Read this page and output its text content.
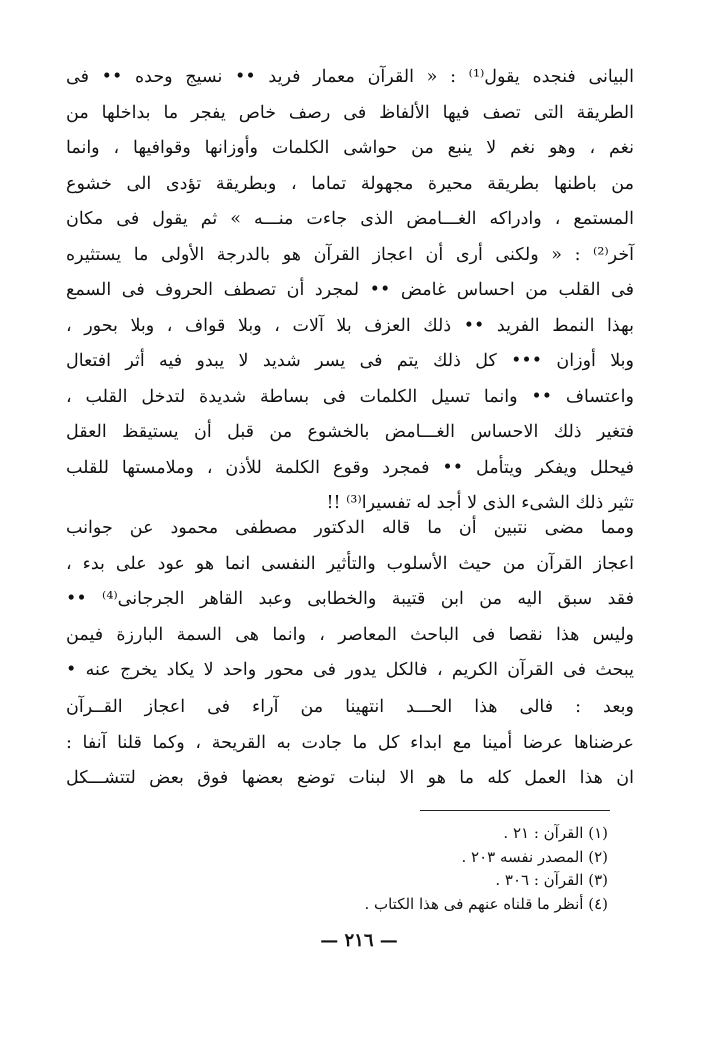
البيانى فنجده يقول⁽¹⁾ : « القرآن معمار فريد •• نسيج وحده •• فى
الطريقة التى تصف فيها الألفاظ فى رصف خاص يفجر ما بداخلها من
نغم ، وهو نغم لا ينبع من حواشى الكلمات وأوزانها وقوافيها ، وانما
من باطنها بطريقة محيرة مجهولة تماما ، وبطريقة تؤدى الى خشوع
المستمع ، وادراكه الغـــامض الذى جاءت منـــه » ثم يقول فى مكان
آخر⁽²⁾ : « ولكنى أرى أن اعجاز القرآن هو بالدرجة الأولى ما يستثيره
فى القلب من احساس غامض •• لمجرد أن تصطف الحروف فى السمع
بهذا النمط الفريد •• ذلك العزف بلا آلات ، وبلا قواف ، وبلا بحور ،
وبلا أوزان ••• كل ذلك يتم فى يسر شديد لا يبدو فيه أثر افتعال
واعتساف •• وانما تسيل الكلمات فى بساطة شديدة لتدخل القلب ،
فتغير ذلك الاحساس الغـــامض بالخشوع من قبل أن يستيقظ العقل
فيحلل ويفكر ويتأمل •• فمجرد وقوع الكلمة للأذن ، وملامستها للقلب
تثير ذلك الشىء الذى لا أجد له تفسيرا⁽³⁾ !!
ومما مضى نتبين أن ما قاله الدكتور مصطفى محمود عن جوانب
اعجاز القرآن من حيث الأسلوب والتأثير النفسى انما هو عود على بدء ،
فقد سبق اليه من ابن قتيبة والخطابى وعبد القاهر الجرجانى⁽⁴⁾ ••
وليس هذا نقصا فى الباحث المعاصر ، وانما هى السمة البارزة فيمن
يبحث فى القرآن الكريم ، فالكل يدور فى محور واحد لا يكاد يخرج عنه •
وبعد : فالى هذا الحـــد انتهينا من آراء فى اعجاز القــرآن
عرضناها عرضا أمينا مع ابداء كل ما جادت به القريحة ، وكما قلنا آنفا :
ان هذا العمل كله ما هو الا لبنات توضع بعضها فوق بعض لتتشـــكل
(١) القرآن : ٢١ .
(٢) المصدر نفسه ٢٠٣ .
(٣) القرآن : ٣٠٦ .
(٤) أنظر ما قلناه عنهم فى هذا الكتاب .
— ٢١٦ —
